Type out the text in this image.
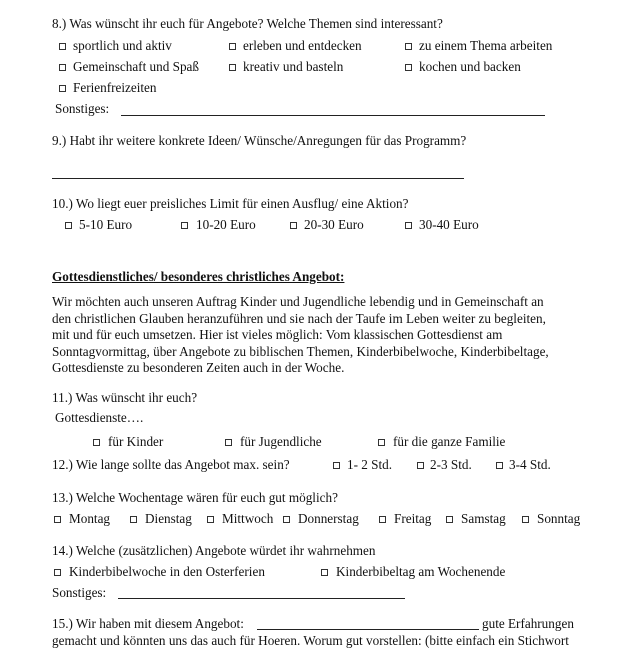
8.) Was wünscht ihr euch für Angebote? Welche Themen sind interessant?
sportlich und aktiv	erleben und entdecken	zu einem Thema arbeiten
Gemeinschaft und Spaß	kreativ und basteln	kochen und backen
Ferienfreizeiten
Sonstiges:
9.) Habt ihr weitere konkrete Ideen/ Wünsche/Anregungen für das Programm?
10.) Wo liegt euer preisliches Limit für einen Ausflug/ eine Aktion?
5-10 Euro	10-20 Euro	20-30 Euro	30-40 Euro
Gottesdienstliches/ besonderes christliches Angebot:
Wir möchten auch unseren Auftrag Kinder und Jugendliche lebendig und in Gemeinschaft an
den christlichen Glauben heranzuführen und sie nach der Taufe im Leben weiter zu begleiten,
mit und für euch umsetzen. Hier ist vieles möglich: Vom klassischen Gottesdienst am
Sonntagvormittag, über Angebote zu biblischen Themen, Kinderbibelwoche, Kinderbibeltage,
Gottesdienste zu besonderen Zeiten auch in der Woche.
11.) Was wünscht ihr euch?
Gottesdienste….
für Kinder	für Jugendliche	für die ganze Familie
12.) Wie lange sollte das Angebot max. sein?	1- 2 Std.	2-3 Std.	3-4 Std.
13.) Welche Wochentage wären für euch gut möglich?
Montag	Dienstag Mittwoch Donnerstag	Freitag Samstag Sonntag
14.) Welche (zusätzlichen) Angebote würdet ihr wahrnehmen
Kinderbibelwoche in den Osterferien	Kinderbibeltag am Wochenende
Sonstiges:
15.) Wir haben mit diesem Angebot:	gute Erfahrungen
gemacht und könnten uns das auch für Hoeren. Worum gut vorstellen: (bitte einfach ein Stichwort
